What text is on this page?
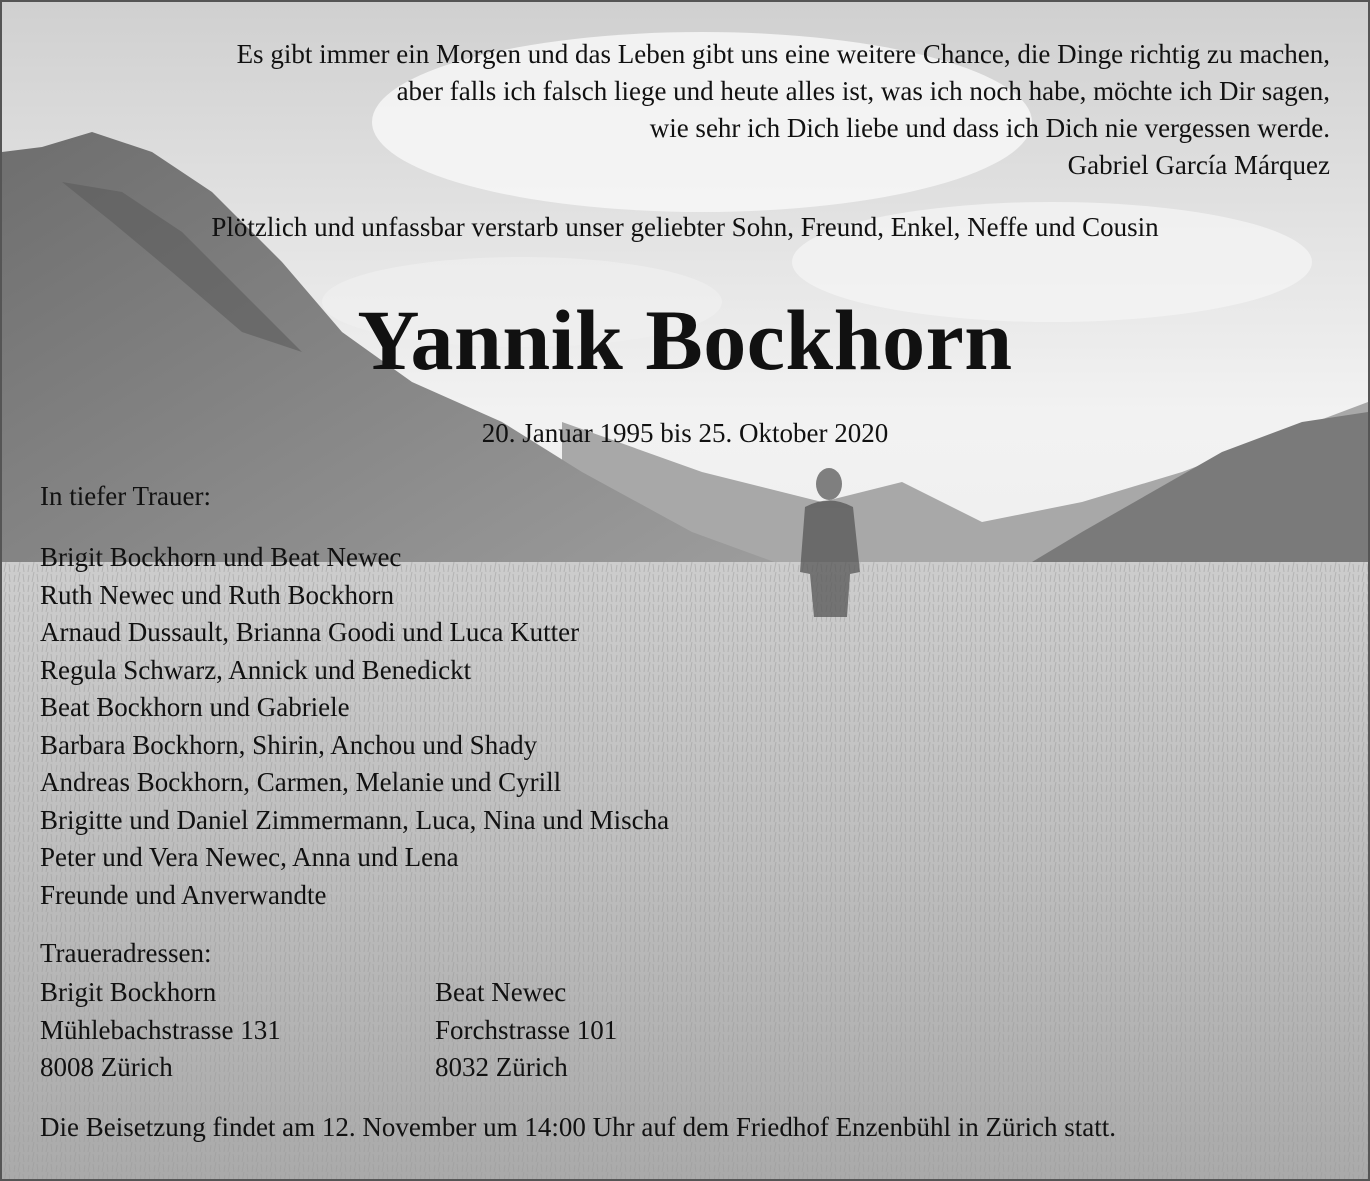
Es gibt immer ein Morgen und das Leben gibt uns eine weitere Chance, die Dinge richtig zu machen,
aber falls ich falsch liege und heute alles ist, was ich noch habe, möchte ich Dir sagen,
wie sehr ich Dich liebe und dass ich Dich nie vergessen werde.
Gabriel García Márquez
Plötzlich und unfassbar verstarb unser geliebter Sohn, Freund, Enkel, Neffe und Cousin
Yannik Bockhorn
20. Januar 1995 bis 25. Oktober 2020
In tiefer Trauer:
Brigit Bockhorn und Beat Newec
Ruth Newec und Ruth Bockhorn
Arnaud Dussault, Brianna Goodi und Luca Kutter
Regula Schwarz, Annick und Benedickt
Beat Bockhorn und Gabriele
Barbara Bockhorn, Shirin, Anchou und Shady
Andreas Bockhorn, Carmen, Melanie und Cyrill
Brigitte und Daniel Zimmermann, Luca, Nina und Mischa
Peter und Vera Newec, Anna und Lena
Freunde und Anverwandte
Traueradressen:
Brigit Bockhorn
Mühlebachstrasse 131
8008 Zürich
Beat Newec
Forchstrasse 101
8032 Zürich
Die Beisetzung findet am 12. November um 14:00 Uhr auf dem Friedhof Enzenbühl in Zürich statt.
